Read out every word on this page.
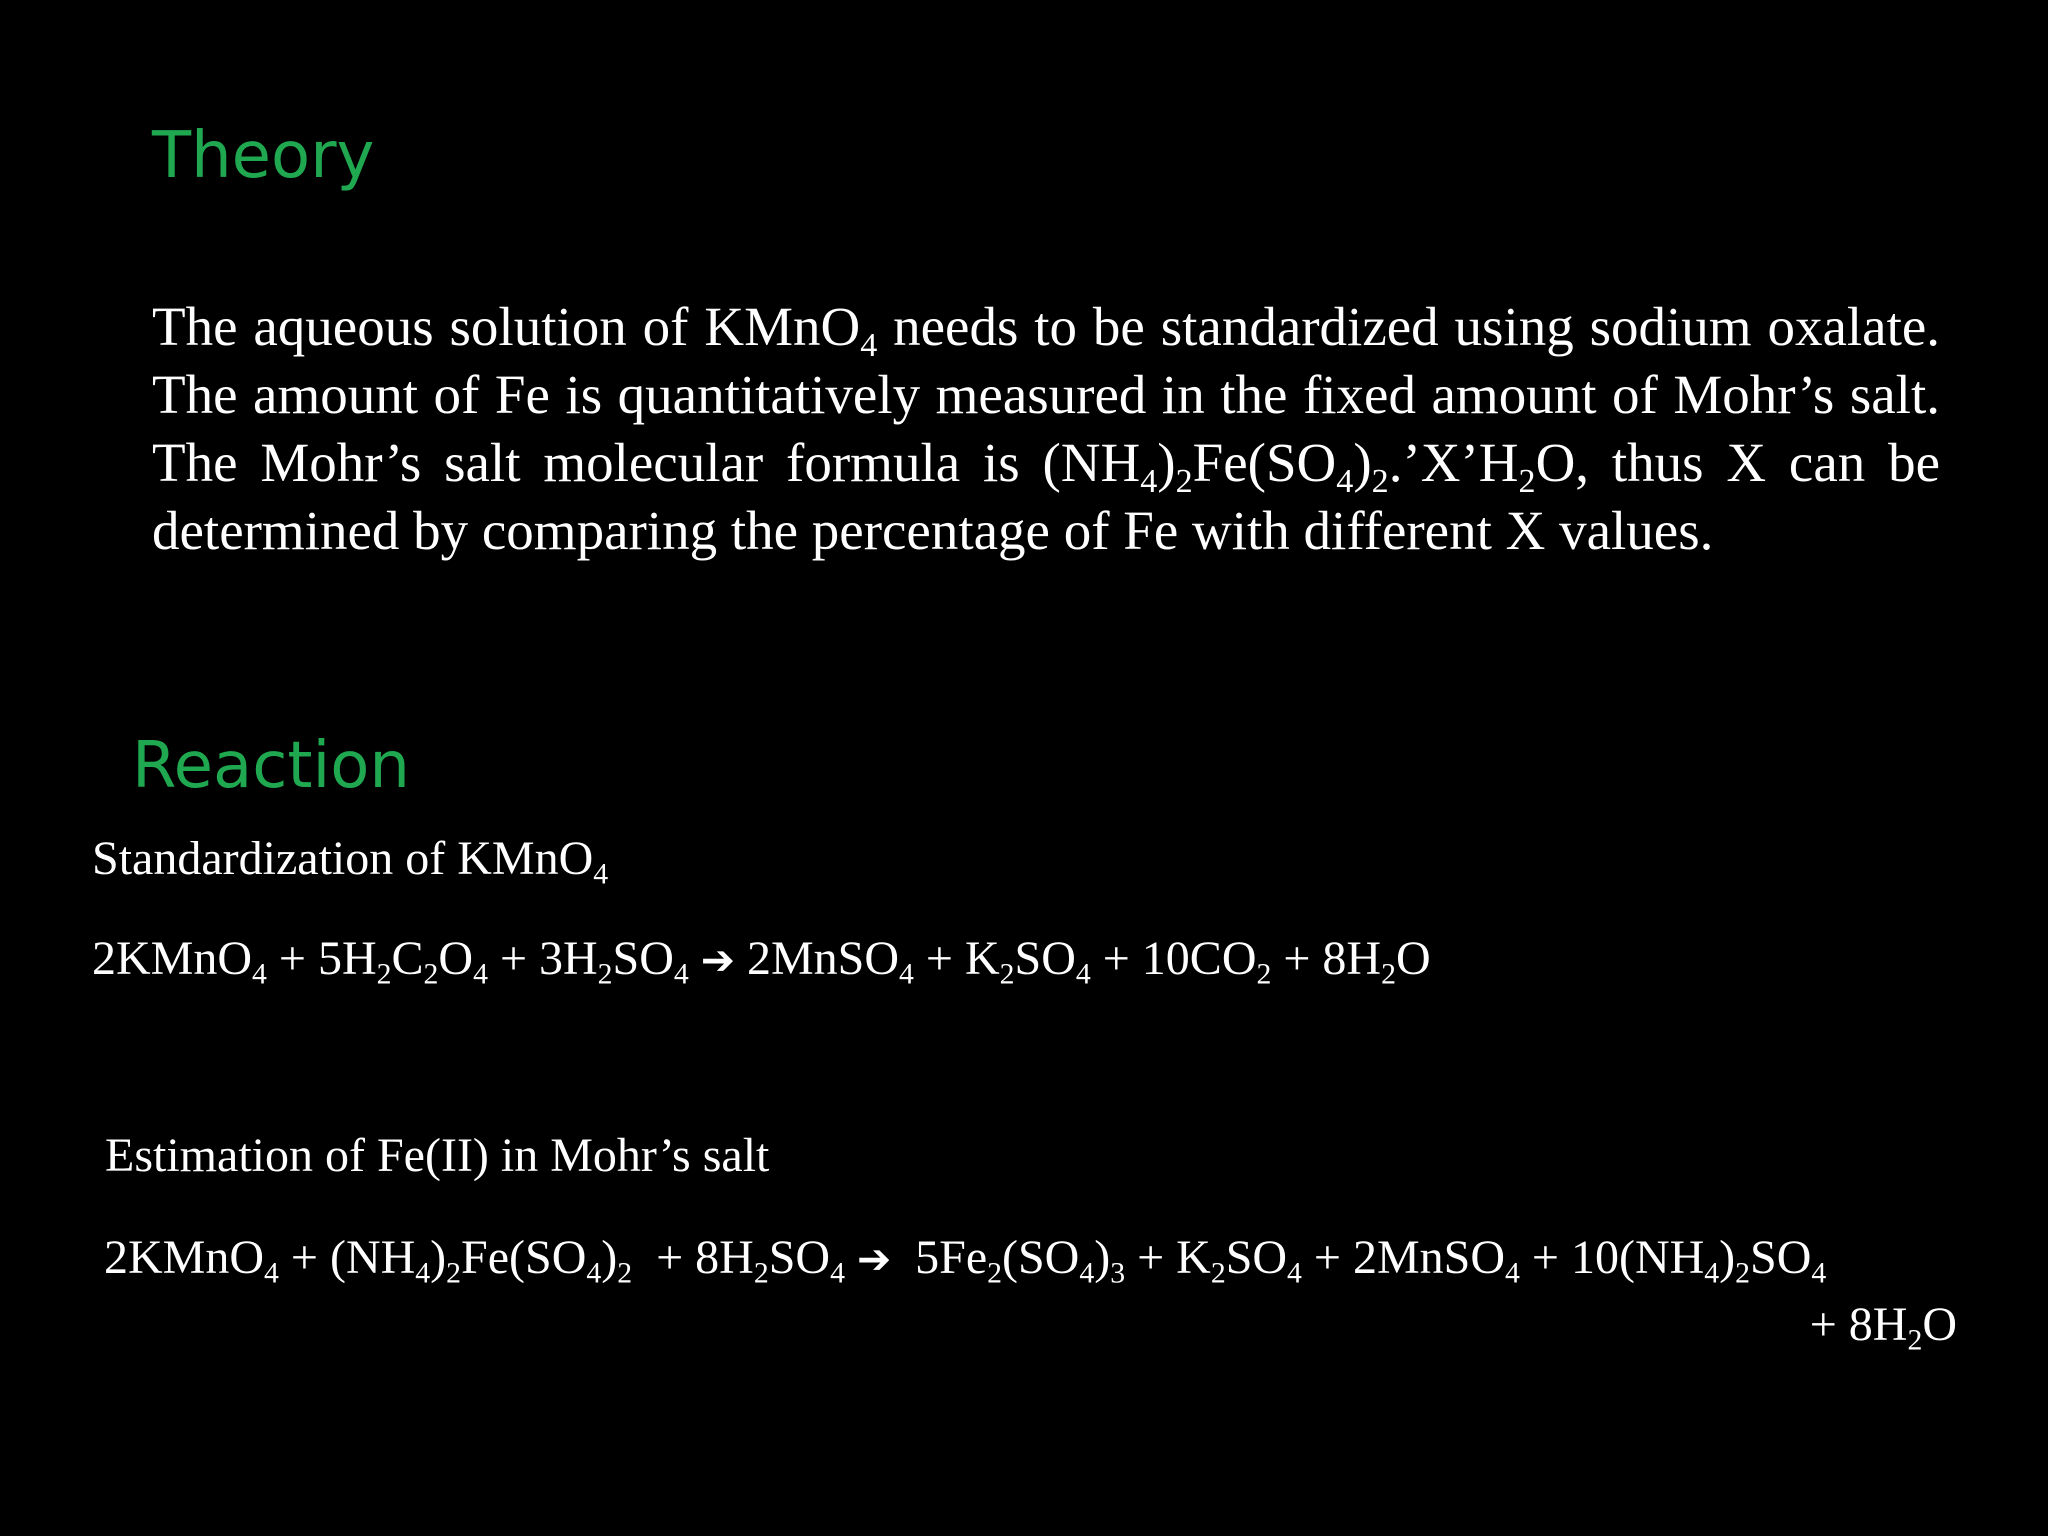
Theory

The aqueous solution of KMnO$_4$ needs to be standardized using sodium oxalate. The amount of Fe is quantitatively measured in the fixed amount of Mohr’s salt. The Mohr’s salt molecular formula is $(NH_4)_2Fe(SO_4)_2.’X’H_2O$, thus X can be determined by comparing the percentage of Fe with different X values.

Reaction
Standardization of KMnO$_4$
2KMnO$_4$ + $5H_2C_2O_4 + 3H_2SO_4$ ➔ 2MnSO$_4$ + $K_2SO_4 + 10CO_2 + 8H_2O$
Estimation of Fe(II) in Mohr’s salt
2KMnO$_4$ + $(NH_4)_2Fe(SO_4)_2 + 8H_2SO_4$ ➔  $5Fe_2(SO_4)_3 + K_2SO_4$ + 2MnSO$_4$ + $10(NH_4)_2SO_4$
+ $8H_2O$
